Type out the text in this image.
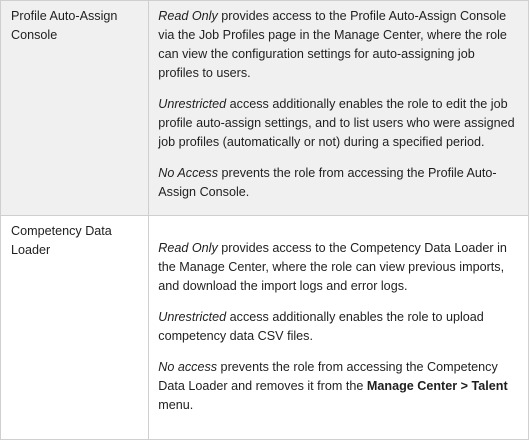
Profile Auto-Assign Console	Read Only provides access to the Profile Auto-Assign Console via the Job Profiles page in the Manage Center, where the role can view the configuration settings for auto-assigning job profiles to users.

Unrestricted access additionally enables the role to edit the job profile auto-assign settings, and to list users who were assigned job profiles (automatically or not) during a specified period.

No Access prevents the role from accessing the Profile Auto-Assign Console.

Competency Data Loader	Read Only provides access to the Competency Data Loader in the Manage Center, where the role can view previous imports, and download the import logs and error logs.

Unrestricted access additionally enables the role to upload competency data CSV files.

No access prevents the role from accessing the Competency Data Loader and removes it from the Manage Center > Talent menu.
